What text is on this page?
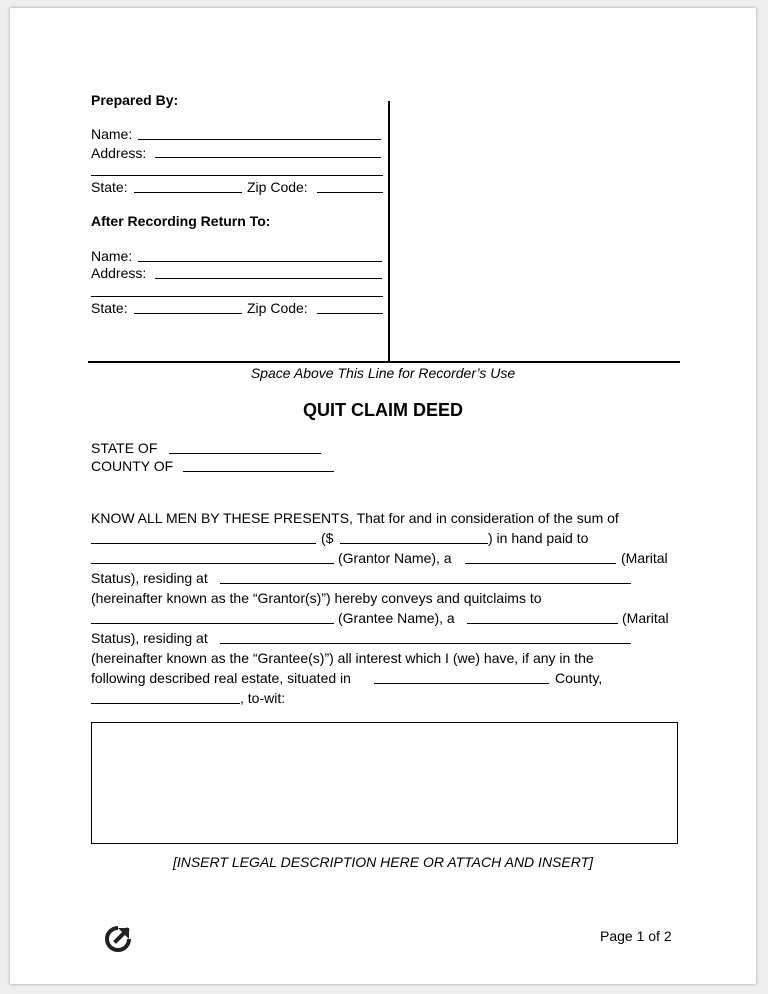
Prepared By:
Name:
Address:
State:	Zip Code:
After Recording Return To:
Name:
Address:
State:	Zip Code:
Space Above This Line for Recorder’s Use
QUIT CLAIM DEED
STATE OF
COUNTY OF
KNOW ALL MEN BY THESE PRESENTS, That for and in consideration of the sum of
($	) in hand paid to
(Grantor Name), a	(Marital
Status), residing at
(hereinafter known as the “Grantor(s)”) hereby conveys and quitclaims to
(Grantee Name), a	(Marital
Status), residing at
(hereinafter known as the “Grantee(s)”) all interest which I (we) have, if any in the
following described real estate, situated in	County,
, to-wit:
[INSERT LEGAL DESCRIPTION HERE OR ATTACH AND INSERT]
Page 1 of 2
